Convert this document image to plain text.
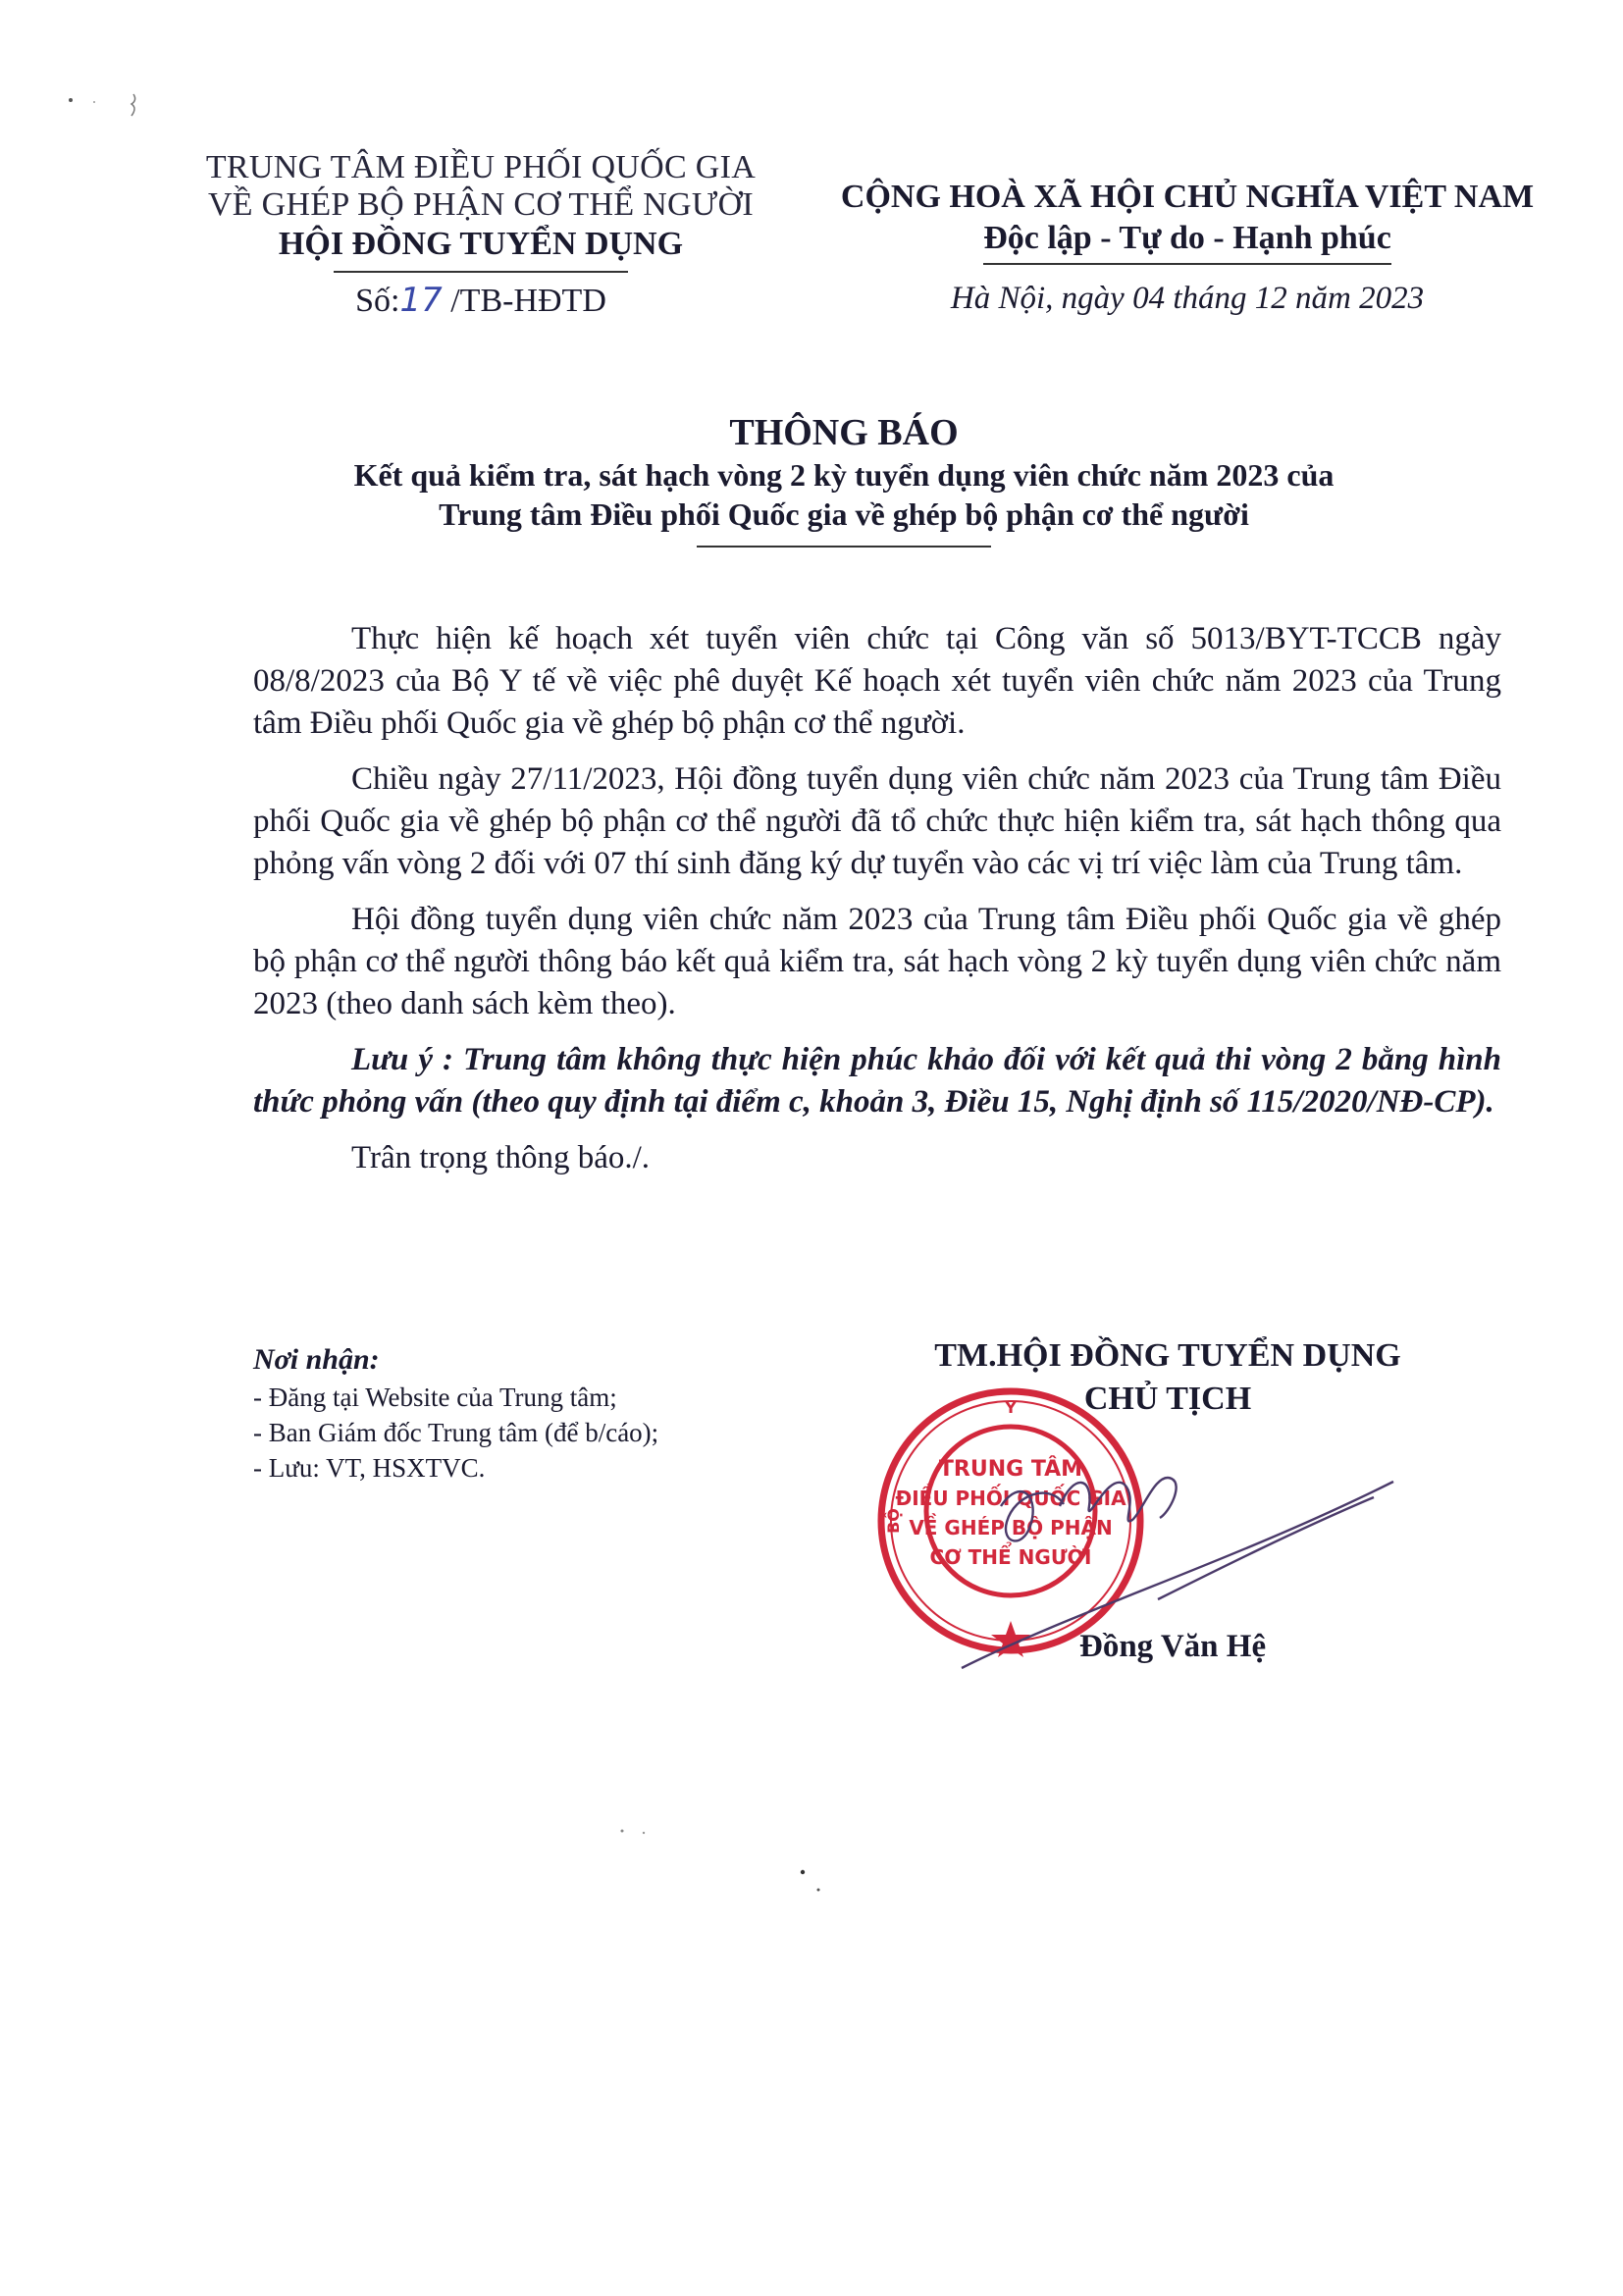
TRUNG TÂM ĐIỀU PHỐI QUỐC GIA
VỀ GHÉP BỘ PHẬN CƠ THỂ NGƯỜI
HỘI ĐỒNG TUYỂN DỤNG
Số:17 /TB-HĐTD
CỘNG HOÀ XÃ HỘI CHỦ NGHĨA VIỆT NAM
Độc lập - Tự do - Hạnh phúc
Hà Nội, ngày 04 tháng 12 năm 2023
THÔNG BÁO
Kết quả kiểm tra, sát hạch vòng 2 kỳ tuyển dụng viên chức năm 2023 của
Trung tâm Điều phối Quốc gia về ghép bộ phận cơ thể người

Thực hiện kế hoạch xét tuyển viên chức tại Công văn số 5013/BYT-TCCB ngày 08/8/2023 của Bộ Y tế về việc phê duyệt Kế hoạch xét tuyển viên chức năm 2023 của Trung tâm Điều phối Quốc gia về ghép bộ phận cơ thể người.

Chiều ngày 27/11/2023, Hội đồng tuyển dụng viên chức năm 2023 của Trung tâm Điều phối Quốc gia về ghép bộ phận cơ thể người đã tổ chức thực hiện kiểm tra, sát hạch thông qua phỏng vấn vòng 2 đối với 07 thí sinh đăng ký dự tuyển vào các vị trí việc làm của Trung tâm.

Hội đồng tuyển dụng viên chức năm 2023 của Trung tâm Điều phối Quốc gia về ghép bộ phận cơ thể người thông báo kết quả kiểm tra, sát hạch vòng 2 kỳ tuyển dụng viên chức năm 2023 (theo danh sách kèm theo).

Lưu ý : Trung tâm không thực hiện phúc khảo đối với kết quả thi vòng 2 bằng hình thức phỏng vấn (theo quy định tại điểm c, khoản 3, Điều 15, Nghị định số 115/2020/NĐ-CP).

Trân trọng thông báo./.

Nơi nhận:
- Đăng tại Website của Trung tâm;
- Ban Giám đốc Trung tâm (để b/cáo);
- Lưu: VT, HSXTVC.
TM.HỘI ĐỒNG TUYỂN DỤNG
CHỦ TỊCH
Y
BỘ
TRUNG TÂM
ĐIỀU PHỐI QUỐC GIA
VỀ GHÉP BỘ PHẬN
CƠ THỂ NGƯỜI
Đồng Văn Hệ
